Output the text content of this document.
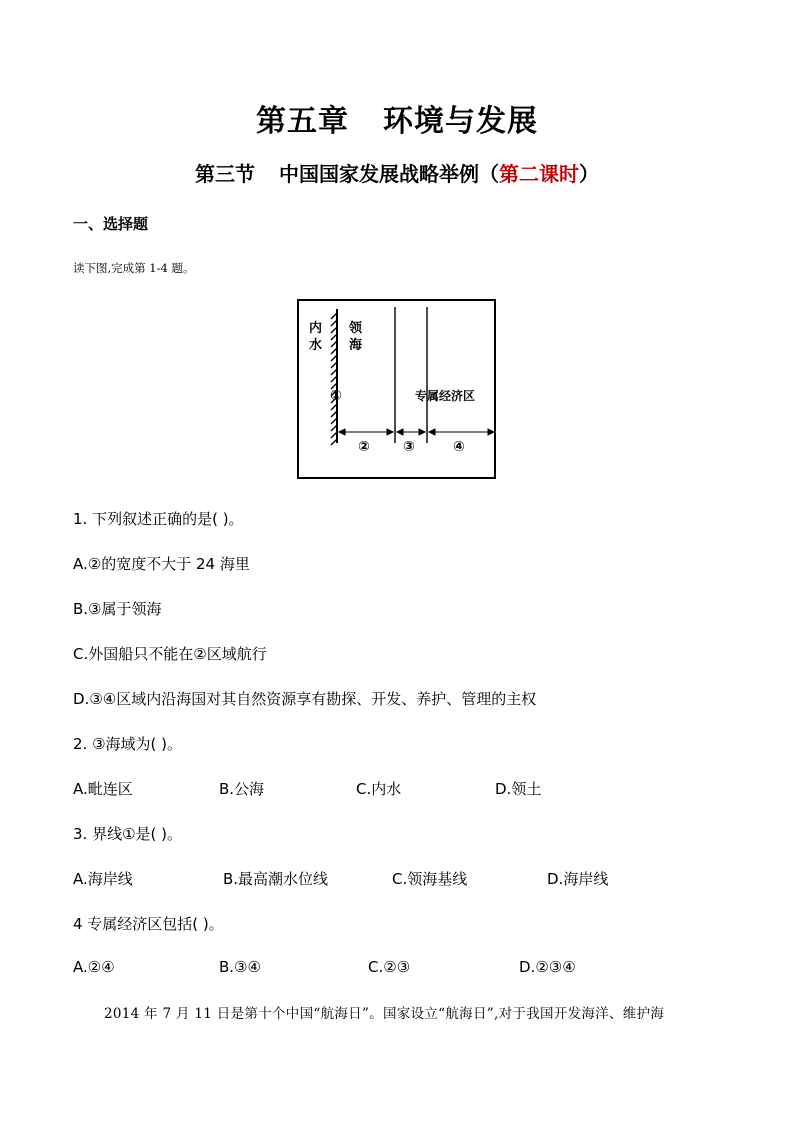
第五章 环境与发展
第三节 中国国家发展战略举例（第二课时）
一、选择题
读下图,完成第 1-4 题。
内
水
领
海
①	专属经济区
② ③	④
1. 下列叙述正确的是( )。
A.②的宽度不大于 24 海里
B.③属于领海
C.外国船只不能在②区域航行
D.③④区域内沿海国对其自然资源享有勘探、开发、养护、管理的主权
2. ③海域为( )。
A.毗连区	B.公海	C.内水	D.领土
3. 界线①是( )。
A.海岸线	B.最高潮水位线	C.领海基线	D.海岸线
4 专属经济区包括( )。
A.②④	B.③④	C.②③	D.②③④
2014 年 7 月 11 日是第十个中国“航海日”。国家设立“航海日”,对于我国开发海洋、维护海
